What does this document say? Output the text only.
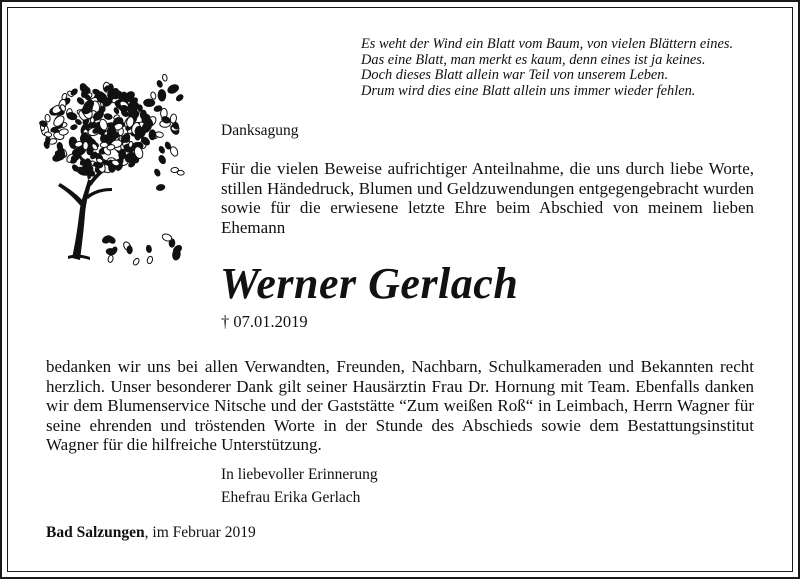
Es weht der Wind ein Blatt vom Baum, von vielen Blättern eines.
Das eine Blatt, man merkt es kaum, denn eines ist ja keines.
Doch dieses Blatt allein war Teil von unserem Leben.
Drum wird dies eine Blatt allein uns immer wieder fehlen.
Danksagung
Für die vielen Beweise aufrichtiger Anteilnahme, die uns durch liebe Worte, stillen Händedruck, Blumen und Geldzuwendungen entgegengebracht wurden sowie für die erwiesene letzte Ehre beim Abschied von meinem lieben Ehemann
Werner Gerlach
† 07.01.2019
bedanken wir uns bei allen Verwandten, Freunden, Nachbarn, Schulkameraden und Bekannten recht herzlich. Unser besonderer Dank gilt seiner Hausärztin Frau Dr. Hornung mit Team. Ebenfalls danken wir dem Blumenservice Nitsche und der Gaststätte “Zum weißen Roß“ in Leimbach, Herrn Wagner für seine ehrenden und tröstenden Worte in der Stunde des Abschieds sowie dem Bestattungsinstitut Wagner für die hilfreiche Unterstützung.
In liebevoller Erinnerung
Ehefrau Erika Gerlach
Bad Salzungen, im Februar 2019
